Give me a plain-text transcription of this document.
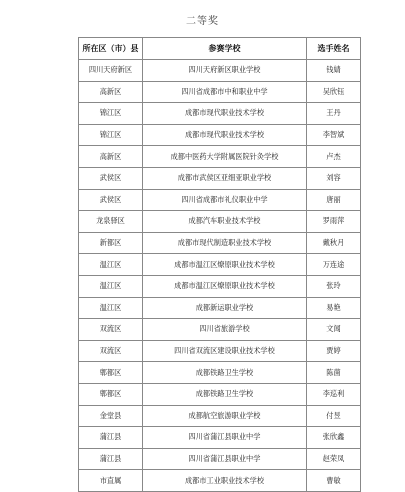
二等奖
所在区（市）县	参赛学校	选手姓名
四川天府新区	四川天府新区职业学校	钱婧
高新区	四川省成都市中和职业中学	吴欣钰
锦江区	成都市现代职业技术学校	王丹
锦江区	成都市现代职业技术学校	李智斌
高新区	成都中医药大学附属医院针灸学校	卢杰
武侯区	成都市武侯区亚细亚职业学校	刘容
武侯区	四川省成都市礼仪职业中学	唐丽
龙泉驿区	成都汽车职业技术学校	罗雨萍
新都区	成都市现代制造职业技术学校	戴秋月
温江区	成都市温江区燎原职业技术学校	万连途
温江区	成都市温江区燎原职业技术学校	张玲
温江区	成都新运职业学校	易艳
双流区	四川省旅游学校	文闻
双流区	四川省双流区建设职业技术学校	贾婷
郫都区	成都铁路卫生学校	陈菌
郫都区	成都铁路卫生学校	李巡利
金堂县	成都航空旅游职业学校	付昱
蒲江县	四川省蒲江县职业中学	张欣鑫
蒲江县	四川省蒲江县职业中学	赵荣凤
市直属	成都市工业职业技术学校	曹敏
